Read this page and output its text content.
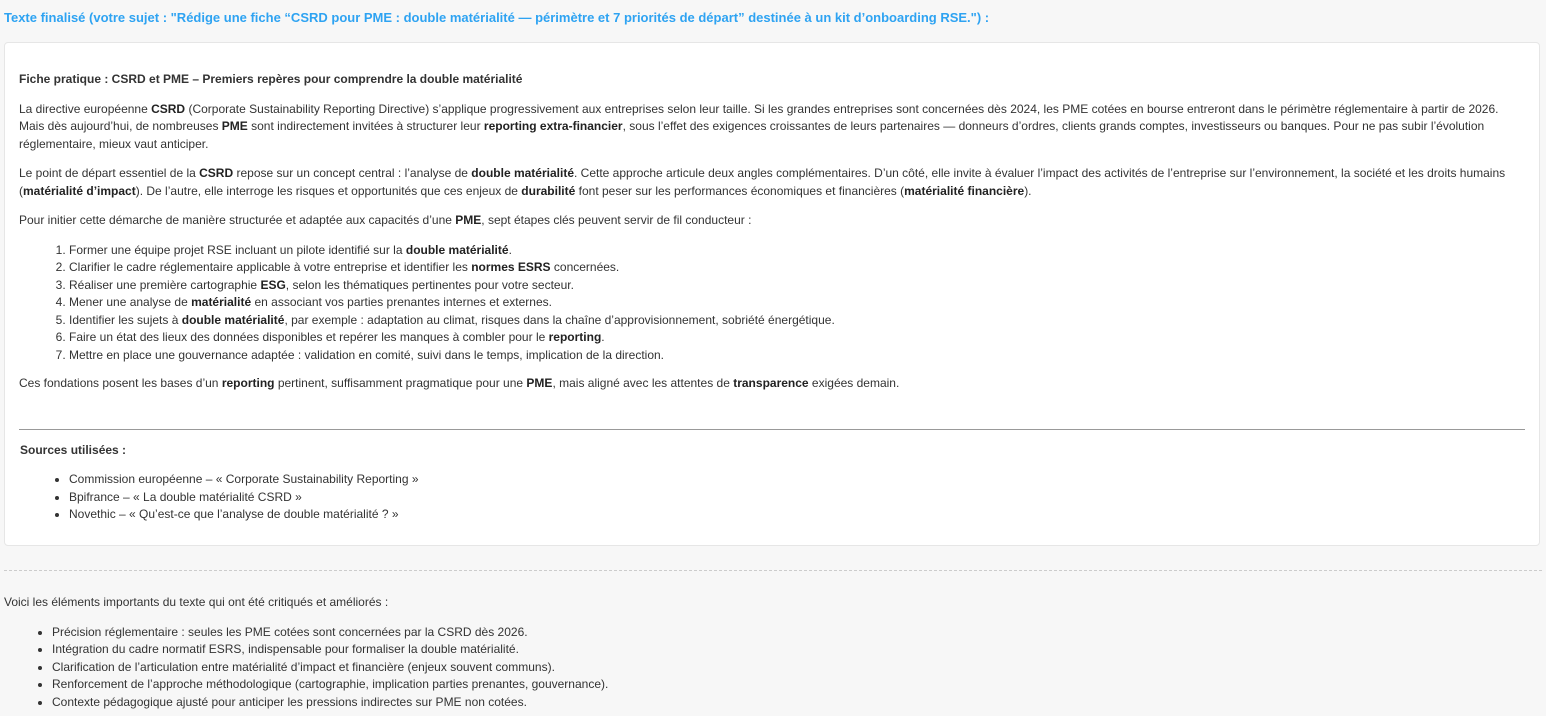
Texte finalisé (votre sujet : "Rédige une fiche “CSRD pour PME : double matérialité — périmètre et 7 priorités de départ” destinée à un kit d’onboarding RSE.") :

Fiche pratique : CSRD et PME – Premiers repères pour comprendre la double matérialité

La directive européenne CSRD (Corporate Sustainability Reporting Directive) s’applique progressivement aux entreprises selon leur taille. Si les grandes entreprises sont concernées dès 2024, les PME cotées en bourse entreront dans le périmètre réglementaire à partir de 2026. Mais dès aujourd’hui, de nombreuses PME sont indirectement invitées à structurer leur reporting extra-financier, sous l’effet des exigences croissantes de leurs partenaires — donneurs d’ordres, clients grands comptes, investisseurs ou banques. Pour ne pas subir l’évolution réglementaire, mieux vaut anticiper.

Le point de départ essentiel de la CSRD repose sur un concept central : l’analyse de double matérialité. Cette approche articule deux angles complémentaires. D’un côté, elle invite à évaluer l’impact des activités de l’entreprise sur l’environnement, la société et les droits humains (matérialité d’impact). De l’autre, elle interroge les risques et opportunités que ces enjeux de durabilité font peser sur les performances économiques et financières (matérialité financière).

Pour initier cette démarche de manière structurée et adaptée aux capacités d’une PME, sept étapes clés peuvent servir de fil conducteur :

1. Former une équipe projet RSE incluant un pilote identifié sur la double matérialité.
2. Clarifier le cadre réglementaire applicable à votre entreprise et identifier les normes ESRS concernées.
3. Réaliser une première cartographie ESG, selon les thématiques pertinentes pour votre secteur.
4. Mener une analyse de matérialité en associant vos parties prenantes internes et externes.
5. Identifier les sujets à double matérialité, par exemple : adaptation au climat, risques dans la chaîne d’approvisionnement, sobriété énergétique.
6. Faire un état des lieux des données disponibles et repérer les manques à combler pour le reporting.
7. Mettre en place une gouvernance adaptée : validation en comité, suivi dans le temps, implication de la direction.

Ces fondations posent les bases d’un reporting pertinent, suffisamment pragmatique pour une PME, mais aligné avec les attentes de transparence exigées demain.

Sources utilisées :

• Commission européenne – « Corporate Sustainability Reporting »
• Bpifrance – « La double matérialité CSRD »
• Novethic – « Qu’est-ce que l’analyse de double matérialité ? »

Voici les éléments importants du texte qui ont été critiqués et améliorés :

• Précision réglementaire : seules les PME cotées sont concernées par la CSRD dès 2026.
• Intégration du cadre normatif ESRS, indispensable pour formaliser la double matérialité.
• Clarification de l’articulation entre matérialité d’impact et financière (enjeux souvent communs).
• Renforcement de l’approche méthodologique (cartographie, implication parties prenantes, gouvernance).
• Contexte pédagogique ajusté pour anticiper les pressions indirectes sur PME non cotées.
